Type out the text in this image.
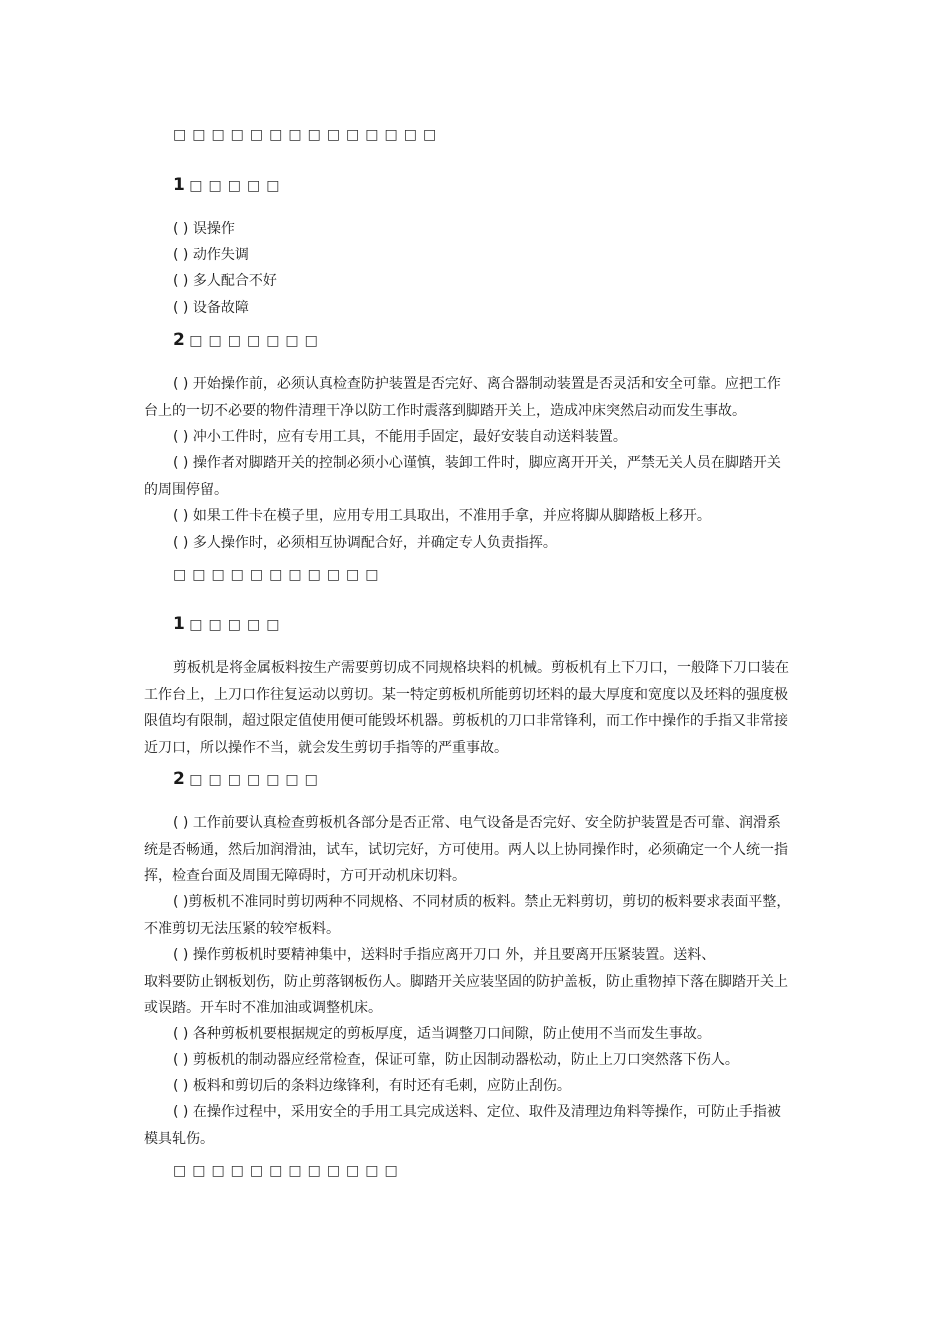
□□□□□□□□□□□□□□
1 □□□□□
( ) 误操作
( ) 动作失调
( ) 多人配合不好
( ) 设备故障
2 □□□□□□□
( ) 开始操作前，必须认真检查防护装置是否完好、离合器制动装置是否灵活和安全可靠。应把工作
台上的一切不必要的物件清理干净以防工作时震落到脚踏开关上，造成冲床突然启动而发生事故。
( ) 冲小工件时，应有专用工具，不能用手固定，最好安装自动送料装置。
( ) 操作者对脚踏开关的控制必须小心谨慎，装卸工件时，脚应离开开关，严禁无关人员在脚踏开关
的周围停留。
( ) 如果工件卡在模子里，应用专用工具取出，不准用手拿，并应将脚从脚踏板上移开。
( ) 多人操作时，必须相互协调配合好，并确定专人负责指挥。
□□□□□□□□□□□
1 □□□□□
剪板机是将金属板料按生产需要剪切成不同规格块料的机械。剪板机有上下刀口，一般降下刀口装在
工作台上，上刀口作往复运动以剪切。某一特定剪板机所能剪切坯料的最大厚度和宽度以及坯料的强度极
限值均有限制，超过限定值使用便可能毁坏机器。剪板机的刀口非常锋利，而工作中操作的手指又非常接
近刀口，所以操作不当，就会发生剪切手指等的严重事故。
2 □□□□□□□
( ) 工作前要认真检查剪板机各部分是否正常、电气设备是否完好、安全防护装置是否可靠、润滑系
统是否畅通，然后加润滑油，试车，试切完好，方可使用。两人以上协同操作时，必须确定一个人统一指
挥，检查台面及周围无障碍时，方可开动机床切料。
( )剪板机不准同时剪切两种不同规格、不同材质的板料。禁止无料剪切，剪切的板料要求表面平整，
不准剪切无法压紧的较窄板料。
( ) 操作剪板机时要精神集中，送料时手指应离开刀口 外，并且要离开压紧装置。送料、
取料要防止钢板划伤，防止剪落钢板伤人。脚踏开关应装坚固的防护盖板，防止重物掉下落在脚踏开关上
或误踏。开车时不准加油或调整机床。
( ) 各种剪板机要根据规定的剪板厚度，适当调整刀口间隙，防止使用不当而发生事故。
( ) 剪板机的制动器应经常检查，保证可靠，防止因制动器松动，防止上刀口突然落下伤人。
( ) 板料和剪切后的条料边缘锋利，有时还有毛刺，应防止刮伤。
( ) 在操作过程中，采用安全的手用工具完成送料、定位、取件及清理边角料等操作，可防止手指被
模具轧伤。
□□□□□□□□□□□□
